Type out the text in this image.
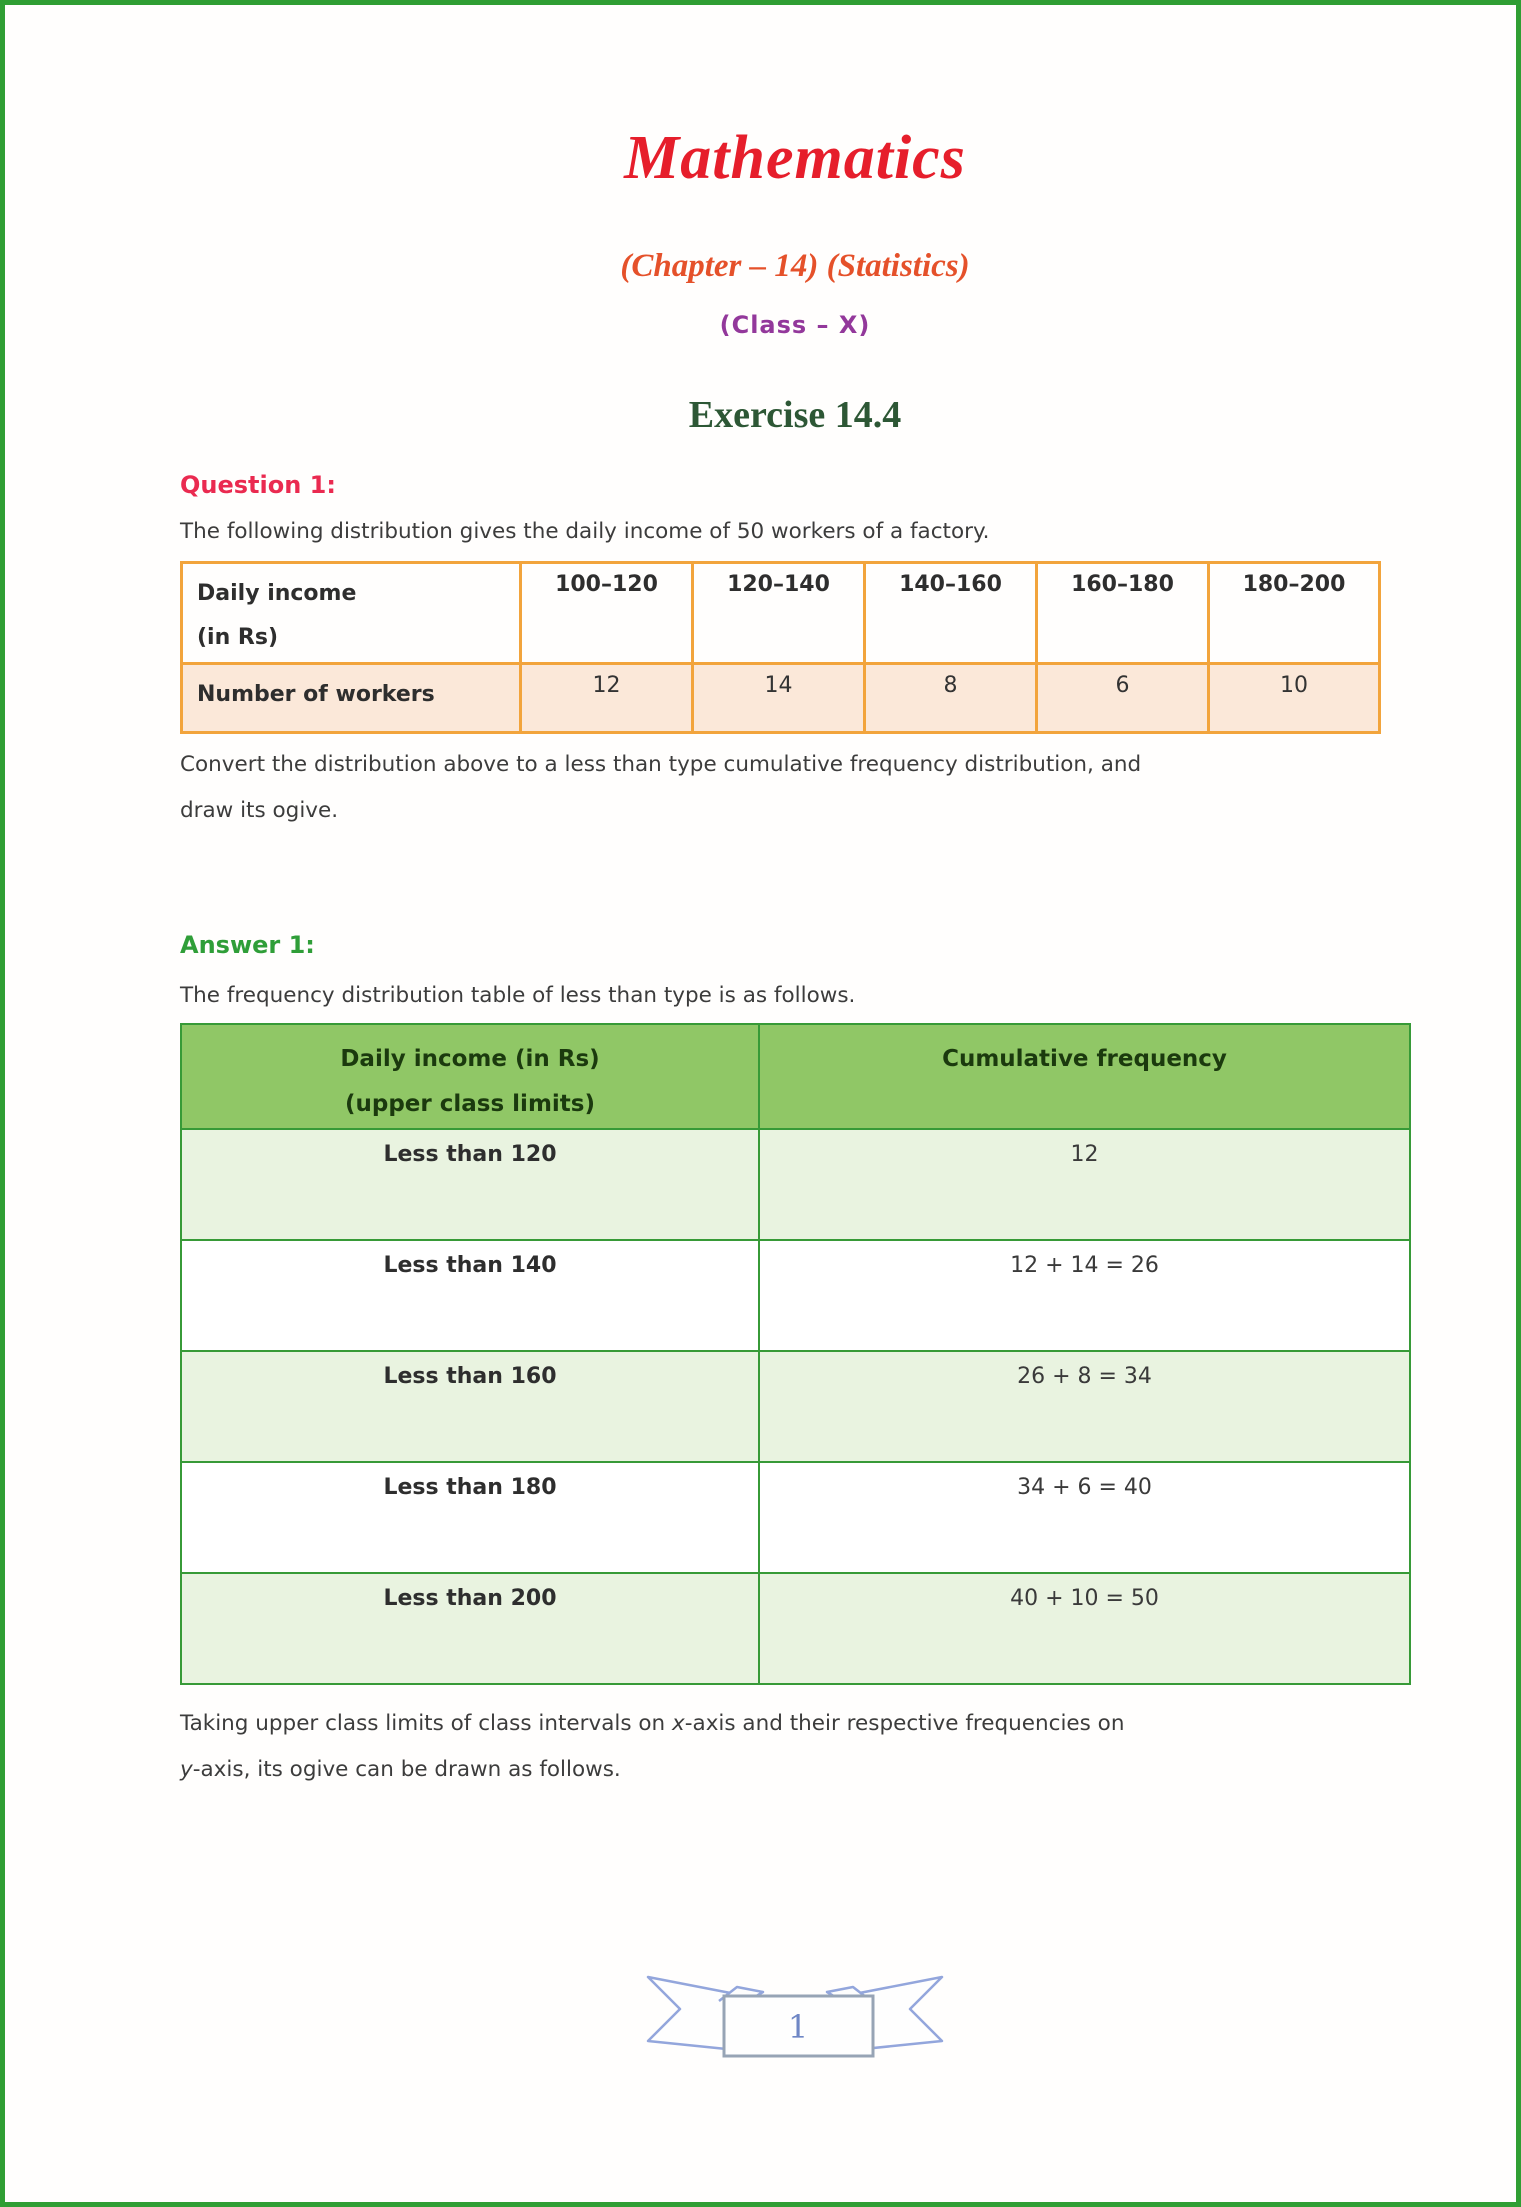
Mathematics
(Chapter – 14) (Statistics)
(Class – X)
Exercise 14.4
Question 1:
The following distribution gives the daily income of 50 workers of a factory.
Daily income
(in Rs)	100–120	120–140	140–160	160–180	180–200
Number of workers	12	14	8	6	10
Convert the distribution above to a less than type cumulative frequency distribution, and
draw its ogive.
Answer 1:
The frequency distribution table of less than type is as follows.
Daily income (in Rs)
(upper class limits)	Cumulative frequency
Less than 120	12
Less than 140	12 + 14 = 26
Less than 160	26 + 8 = 34
Less than 180	34 + 6 = 40
Less than 200	40 + 10 = 50
Taking upper class limits of class intervals on x-axis and their respective frequencies on
y-axis, its ogive can be drawn as follows.
1
